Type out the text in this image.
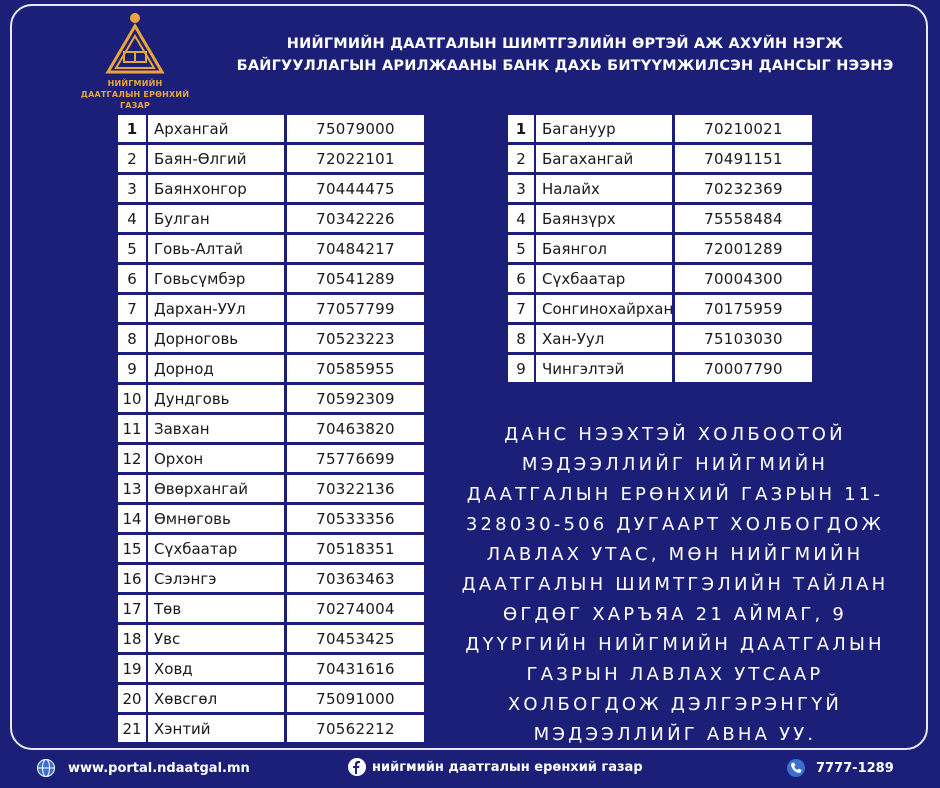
НИЙГМИЙН ДААТГАЛЫН ЕРӨНХИЙ ГАЗАР
НИЙГМИЙН ДААТГАЛЫН ШИМТГЭЛИЙН ӨРТЭЙ АЖ АХУЙН НЭГЖ
БАЙГУУЛЛАГЫН АРИЛЖААНЫ БАНК ДАХЬ БИТҮҮМЖИЛСЭН ДАНСЫГ НЭЭНЭ
1	Архангай	75079000
2	Баян-Өлгий	72022101
3	Баянхонгор	70444475
4	Булган	70342226
5	Говь-Алтай	70484217
6	Говьсүмбэр	70541289
7	Дархан-УУл	77057799
8	Дорноговь	70523223
9	Дорнод	70585955
10 Дундговь	70592309
11 Завхан	70463820
12 Орхон	75776699
13 Өвөрхангай	70322136
14 Өмнөговь	70533356
15 Сүхбаатар	70518351
16 Сэлэнгэ	70363463
17 Төв	70274004
18 Увс	70453425
19 Ховд	70431616
20 Хөвсгөл	75091000
21 Хэнтий	70562212
1	Багануур	70210021
2	Багахангай	70491151
3	Налайх	70232369
4	Баянзүрх	75558484
5	Баянгол	72001289
6	Сүхбаатар	70004300
7	Сонгинохайрхан	70175959
8	Хан-Уул	75103030
9	Чингэлтэй	70007790
ДАНС НЭЭХТЭЙ ХОЛБООТОЙ МЭДЭЭЛЛИЙГ НИЙГМИЙН ДААТГАЛЫН ЕРӨНХИЙ ГАЗРЫН 11-328030-506 ДУГААРТ ХОЛБОГДОЖ ЛАВЛАХ УТАС, МӨН НИЙГМИЙН ДААТГАЛЫН ШИМТГЭЛИЙН ТАЙЛАН ӨГДӨГ ХАРЪЯА 21 АЙМАГ, 9 ДҮҮРГИЙН НИЙГМИЙН ДААТГАЛЫН ГАЗРЫН ЛАВЛАХ УТСААР ХОЛБОГДОЖ ДЭЛГЭРЭНГҮЙ МЭДЭЭЛЛИЙГ АВНА УУ.
www.portal.ndaatgal.mn	нийгмийн даатгалын ерөнхий газар	7777-1289
